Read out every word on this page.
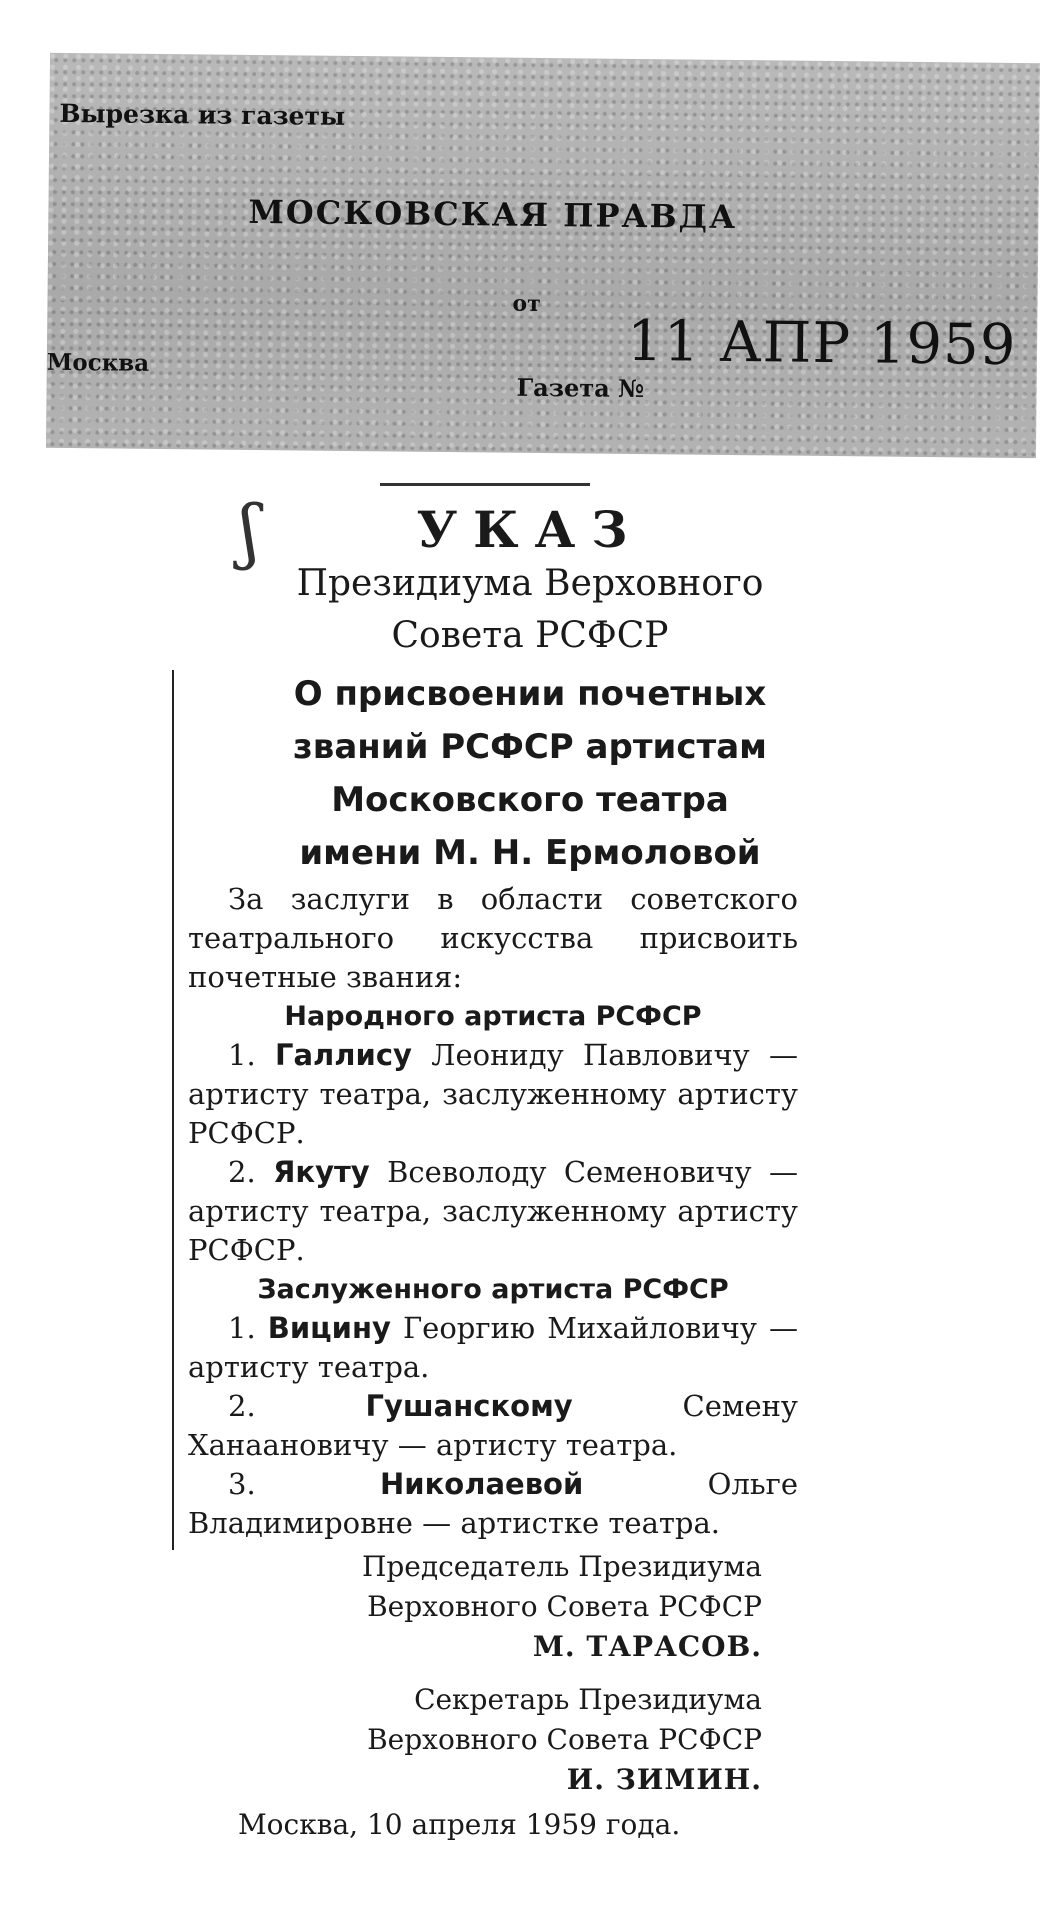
Вырезка из газеты
МОСКОВСКАЯ ПРАВДА
от
11 АПР 1959
Москва
Газета №
ʃ	УКАЗ
Президиума Верховного
Совета РСФСР
О присвоении почетных
званий РСФСР артистам
Московского театра
имени М. Н. Ермоловой

За заслуги в области советского театрального искусства присвоить почетные звания:

Народного артиста РСФСР

1. Галлису Леониду Павловичу — артисту театра, заслуженному артисту РСФСР.

2. Якуту Всеволоду Семеновичу — артисту театра, заслуженному артисту РСФСР.

Заслуженного артиста РСФСР

1. Вицину Георгию Михайловичу — артисту театра.

2.	Гушанскому	Семену Ханаановичу — артисту театра.

3.	Николаевой	Ольге Владимировне — артистке театра.

Председатель Президиума
Верховного Совета РСФСР
М. ТАРАСОВ.
Секретарь Президиума
Верховного Совета РСФСР
И. ЗИМИН.
Москва, 10 апреля 1959 года.
